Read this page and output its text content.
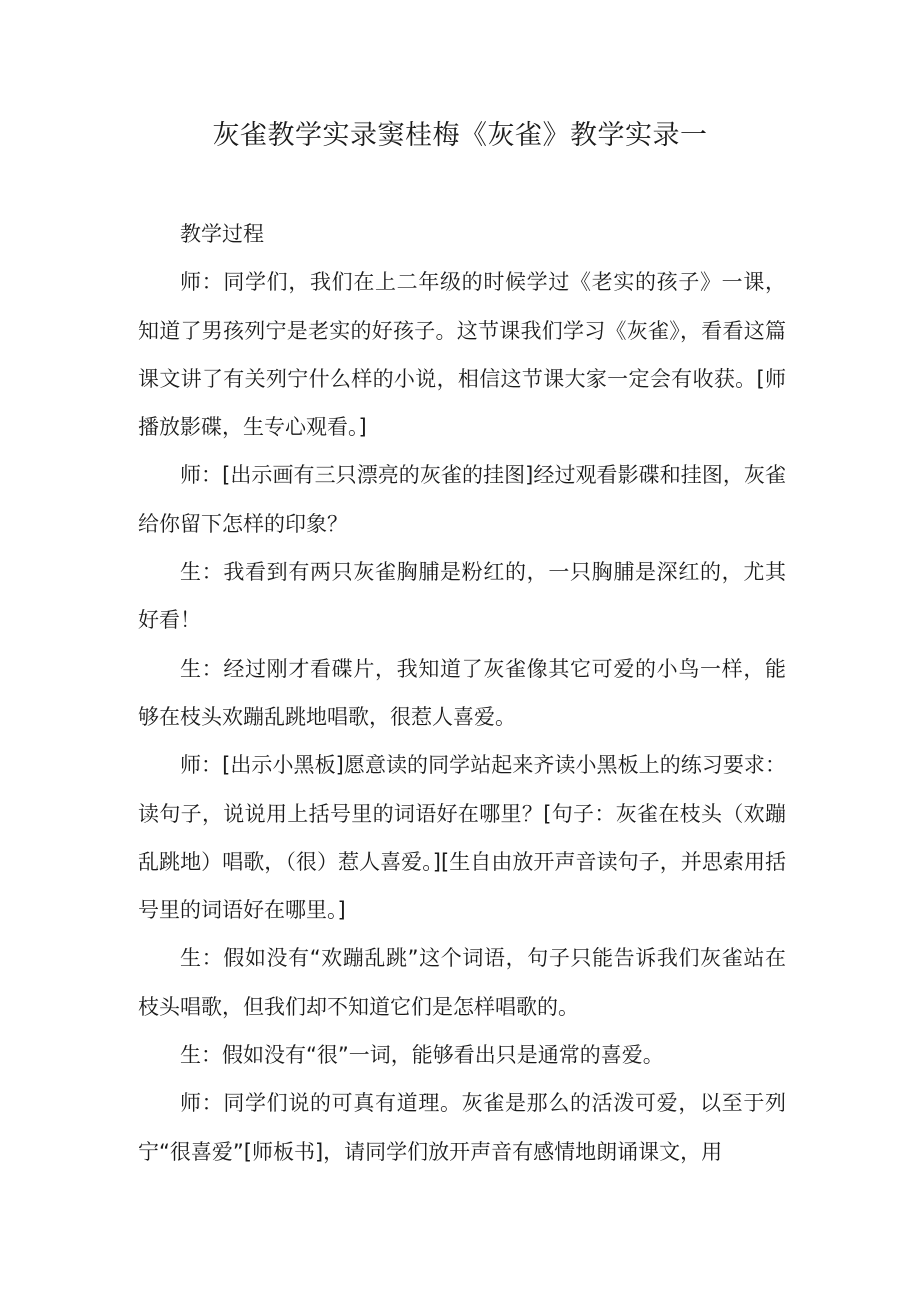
灰雀教学实录窦桂梅《灰雀》教学实录一

教学过程

师：同学们，我们在上二年级的时候学过《老实的孩子》一课，知道了男孩列宁是老实的好孩子。这节课我们学习《灰雀》，看看这篇课文讲了有关列宁什么样的小说，相信这节课大家一定会有收获。[师播放影碟，生专心观看。]

师：[出示画有三只漂亮的灰雀的挂图]经过观看影碟和挂图，灰雀给你留下怎样的印象？

生：我看到有两只灰雀胸脯是粉红的，一只胸脯是深红的，尤其好看！

生：经过刚才看碟片，我知道了灰雀像其它可爱的小鸟一样，能够在枝头欢蹦乱跳地唱歌，很惹人喜爱。

师：[出示小黑板]愿意读的同学站起来齐读小黑板上的练习要求：读句子，说说用上括号里的词语好在哪里？[句子：灰雀在枝头（欢蹦乱跳地）唱歌，（很）惹人喜爱。][生自由放开声音读句子，并思索用括号里的词语好在哪里。]

生：假如没有“欢蹦乱跳”这个词语，句子只能告诉我们灰雀站在枝头唱歌，但我们却不知道它们是怎样唱歌的。

生：假如没有“很”一词，能够看出只是通常的喜爱。

师：同学们说的可真有道理。灰雀是那么的活泼可爱，以至于列宁“很喜爱”[师板书]，请同学们放开声音有感情地朗诵课文，用
